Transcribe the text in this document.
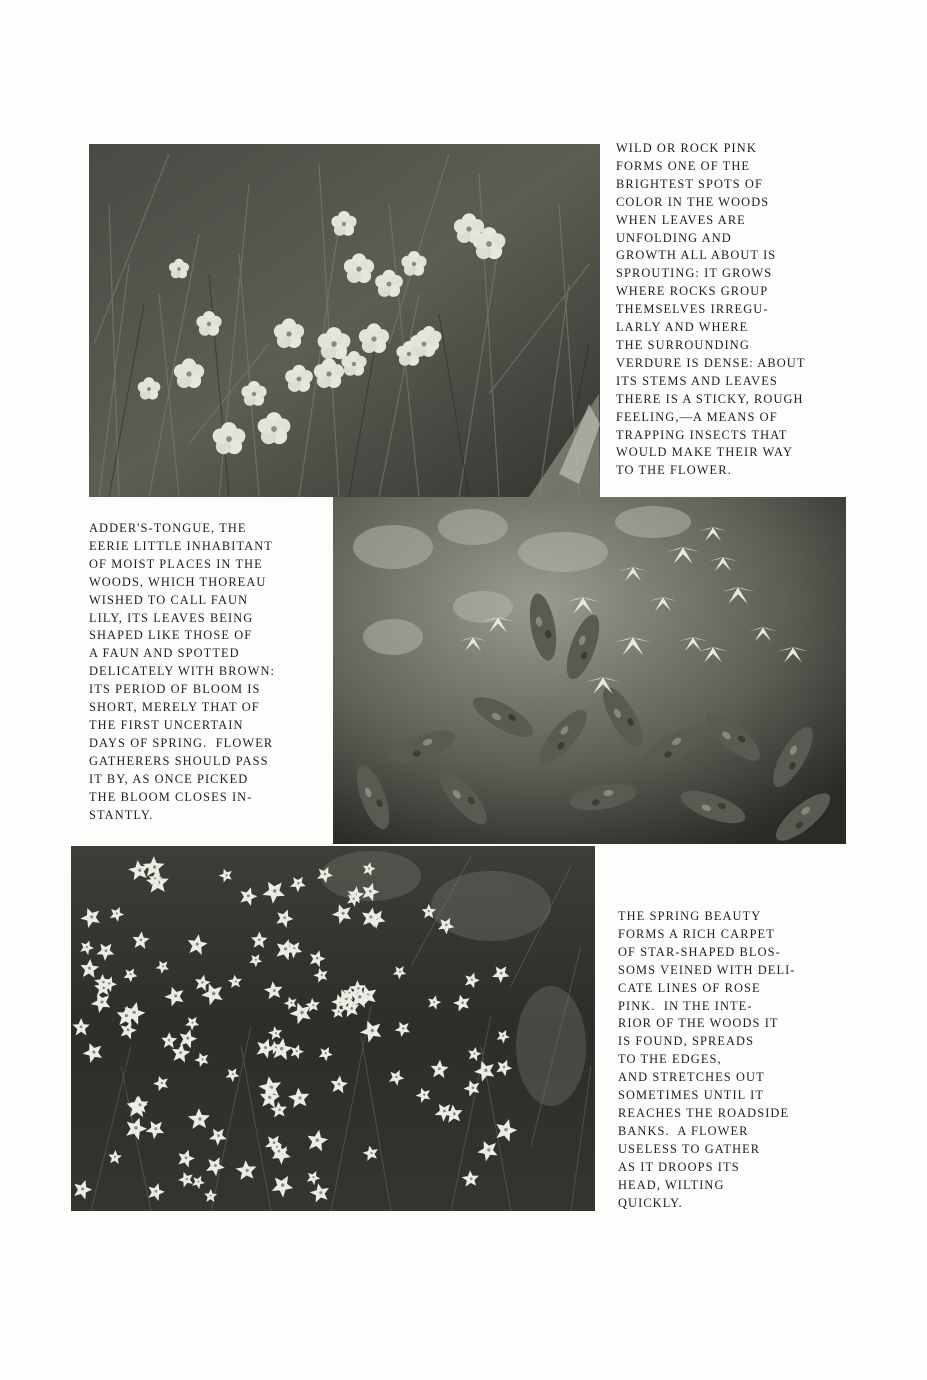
WILD OR ROCK PINK
FORMS ONE OF THE
BRIGHTEST SPOTS OF
COLOR IN THE WOODS
WHEN LEAVES ARE
UNFOLDING AND
GROWTH ALL ABOUT IS
SPROUTING: IT GROWS
WHERE ROCKS GROUP
THEMSELVES IRREGU-
LARLY AND WHERE
THE SURROUNDING
VERDURE IS DENSE: ABOUT
ITS STEMS AND LEAVES
THERE IS A STICKY, ROUGH
FEELING,—A MEANS OF
TRAPPING INSECTS THAT
WOULD MAKE THEIR WAY
TO THE FLOWER.

ADDER'S-TONGUE, THE
EERIE LITTLE INHABITANT
OF MOIST PLACES IN THE
WOODS, WHICH THOREAU
WISHED TO CALL FAUN
LILY, ITS LEAVES BEING
SHAPED LIKE THOSE OF
A FAUN AND SPOTTED
DELICATELY WITH BROWN:
ITS PERIOD OF BLOOM IS
SHORT, MERELY THAT OF
THE FIRST UNCERTAIN
DAYS OF SPRING.  FLOWER
GATHERERS SHOULD PASS
IT BY, AS ONCE PICKED
THE BLOOM CLOSES IN-
STANTLY.

THE SPRING BEAUTY
FORMS A RICH CARPET
OF STAR-SHAPED BLOS-
SOMS VEINED WITH DELI-
CATE LINES OF ROSE
PINK.  IN THE INTE-
RIOR OF THE WOODS IT
IS FOUND, SPREADS
TO THE EDGES,
AND STRETCHES OUT
SOMETIMES UNTIL IT
REACHES THE ROADSIDE
BANKS.  A FLOWER
USELESS TO GATHER
AS IT DROOPS ITS
HEAD, WILTING
QUICKLY.
